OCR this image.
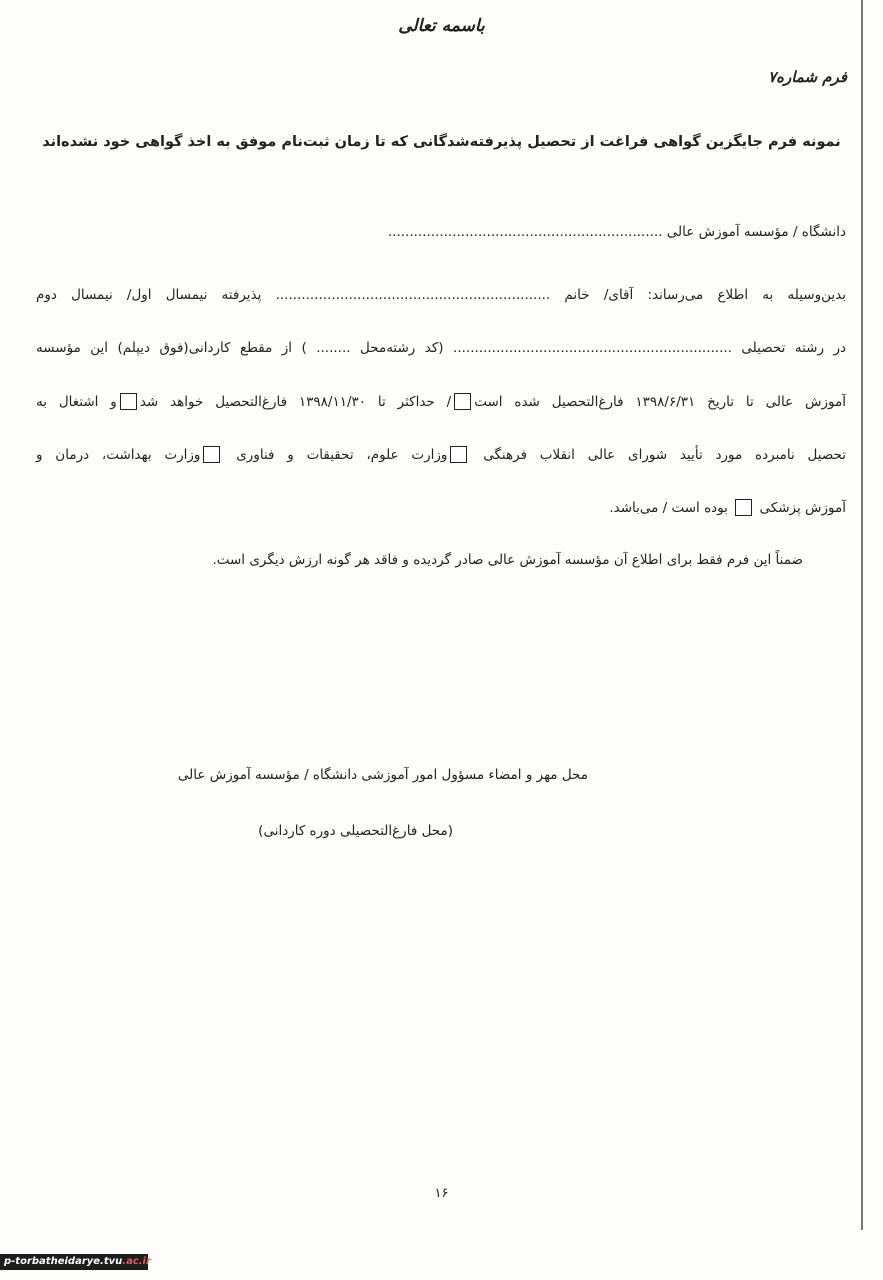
باسمه تعالی
فرم شماره۷
نمونه فرم جایگزین گواهی فراغت از تحصیل پذیرفته‌شدگانی که تا زمان ثبت‌نام موفق به اخذ گواهی خود نشده‌اند
دانشگاه / مؤسسه آموزش عالی ................................................................
بدین‌وسیله به اطلاع می‌رساند: آقای/ خانم ................................................................ پذیرفته نیمسال اول/ نیمسال دوم
در رشته تحصیلی ................................................................. (کد رشته‌محل ........ ) از مقطع کاردانی(فوق دیپلم) این مؤسسه
آموزش عالی تا تاریخ ۱۳۹۸/۶/۳۱ فارغ‌التحصیل شده است/ حداکثر تا ۱۳۹۸/۱۱/۳۰ فارغ‌التحصیل خواهد شدو اشتغال به
تحصیل نامبرده مورد تأیید شورای عالی انقلاب فرهنگی وزارت علوم، تحقیقات و فناوری وزارت بهداشت، درمان و
آموزش پزشکی  بوده است / می‌باشد.
ضمناً این فرم فقط برای اطلاع آن مؤسسه آموزش عالی صادر گردیده و فاقد هر گونه ارزش دیگری است.
محل مهر و امضاء مسؤول امور آموزشی دانشگاه / مؤسسه آموزش عالی
(محل فارغ‌التحصیلی دوره کاردانی)
۱۶
p-torbatheidarye.tvu.ac.ir
